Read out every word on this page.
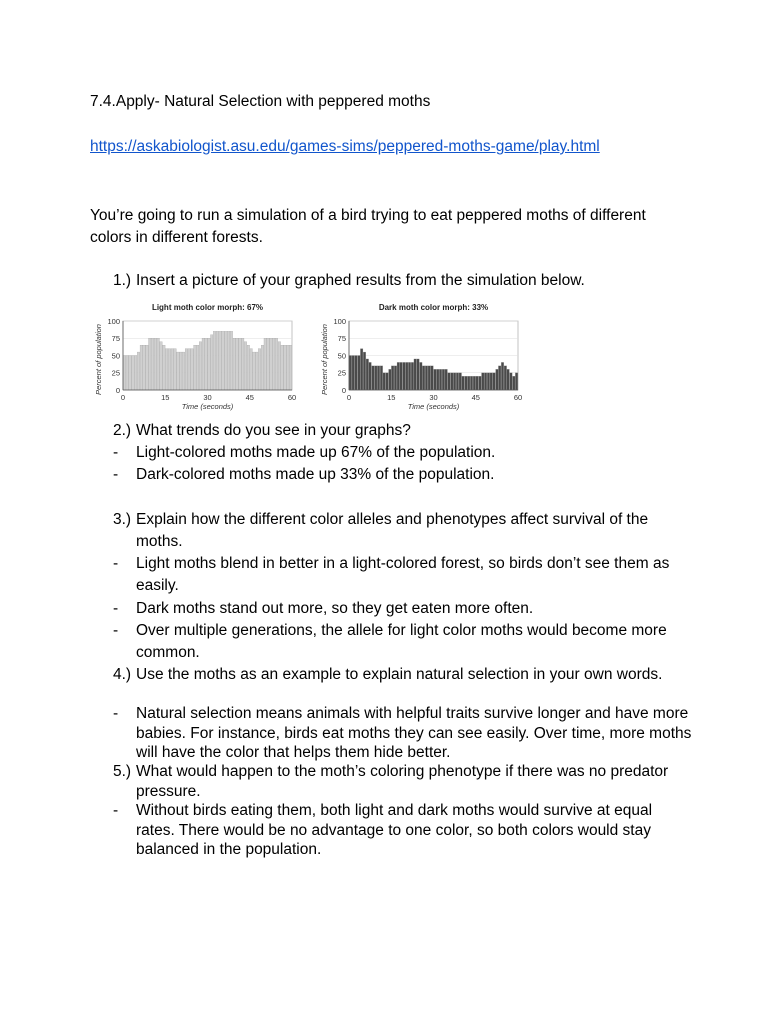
7.4.Apply- Natural Selection with peppered moths
https://askabiologist.asu.edu/games-sims/peppered-moths-game/play.html
You’re going to run a simulation of a bird trying to eat peppered moths of different colors in different forests.
1.) Insert a picture of your graphed results from the simulation below.
0
25
50
75
100
0	15	30	45	60
Light moth color morph: 67%
Time (seconds)
Percent of population	0
25
50
75
100
0	15	30	45	60
Dark moth color morph: 33%
Time (seconds)
Percent of population
2.) What trends do you see in your graphs?
- Light-colored moths made up 67% of the population.
- Dark-colored moths made up 33% of the population.
3.) Explain how the different color alleles and phenotypes affect survival of the moths.
- Light moths blend in better in a light-colored forest, so birds don’t see them as easily.
- Dark moths stand out more, so they get eaten more often.
- Over multiple generations, the allele for light color moths would become more common.
4.) Use the moths as an example to explain natural selection in your own words.
- Natural selection means animals with helpful traits survive longer and have more babies. For instance, birds eat moths they can see easily. Over time, more moths will have the color that helps them hide better.
5.) What would happen to the moth’s coloring phenotype if there was no predator pressure.
- Without birds eating them, both light and dark moths would survive at equal rates. There would be no advantage to one color, so both colors would stay balanced in the population.
